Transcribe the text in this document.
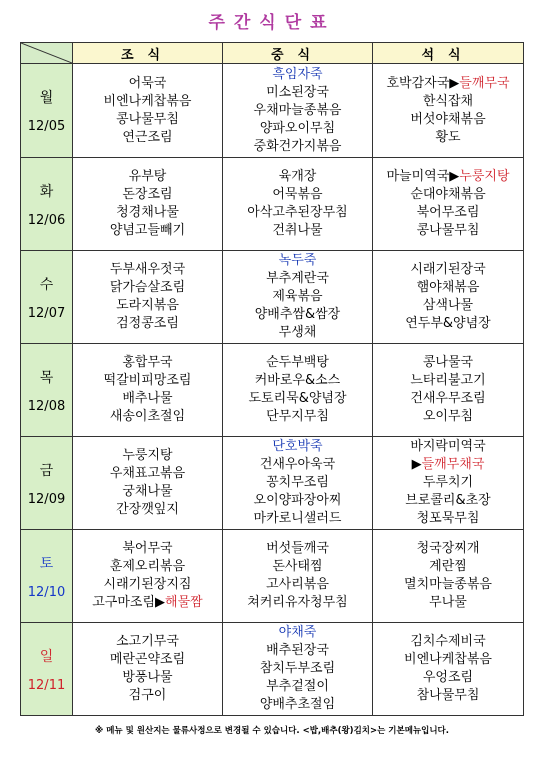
주간식단표
	조식	중식	석식

월
12/05	어묵국
비엔나케찹볶음
콩나물무침
연근조림	흑임자죽
미소된장국
우채마늘종볶음
양파오이무침
중화건가지볶음	호박감자국▶들깨무국
한식잡채
버섯야채볶음
황도

화
12/06	유부탕
돈장조림
청경채나물
양념고들빼기	육개장
어묵볶음
아삭고추된장무침
건취나물	마늘미역국▶누룽지탕
순대야채볶음
북어무조림
콩나물무침

수
12/07	두부새우젓국
닭가슴살조림
도라지볶음
검정콩조림	녹두죽
부추계란국
제육볶음
양배추쌈&쌈장
무생채	시래기된장국
햄야채볶음
삼색나물
연두부&양념장

목
12/08	홍합무국
떡갈비피망조림
배추나물
새송이초절임	순두부백탕
커바로우&소스
도토리묵&양념장
단무지무침	콩나물국
느타리불고기
건새우무조림
오이무침

금
12/09	누룽지탕
우채표고볶음
궁채나물
간장깻잎지	단호박죽
건새우아욱국
꽁치무조림
오이양파장아찌
마카로니샐러드	바지락미역국
▶들깨무채국
두루치기
브로콜리&초장
청포묵무침

토
12/10	북어무국
훈제오리볶음
시래기된장지짐
고구마조림▶해물짬	버섯들깨국
돈사태찜
고사리볶음
쳐커리유자청무침	청국장찌개
계란찜
멸치마늘종볶음
무나물

일
12/11	소고기무국
메란곤약조림
방풍나물
검구이	야채죽
배추된장국
참치두부조림
부추겉절이
양배추초절임	김치수제비국
비엔나케찹볶음
우엉조림
참나물무침
※ 메뉴 및 원산지는 물류사정으로 변경될 수 있습니다. <밥,배추(왕)김치>는 기본메뉴입니다.
